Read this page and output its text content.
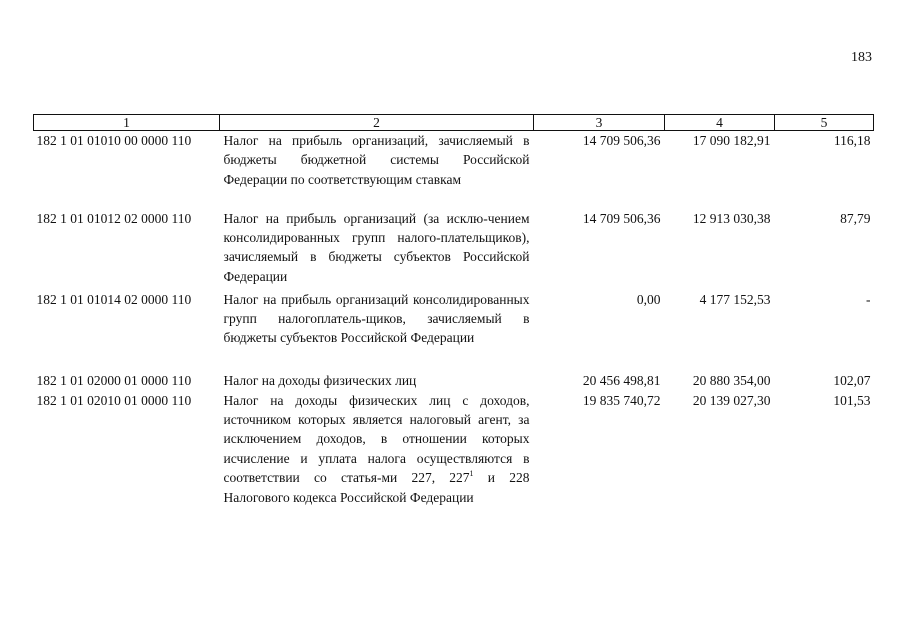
183
1	2	3	4	5
182 1 01 01010 00 0000 110	Налог на прибыль организаций, зачисляемый в бюджеты бюджетной системы Российской Федерации по соответствующим ставкам	14 709 506,36	17 090 182,91	116,18
182 1 01 01012 02 0000 110	Налог на прибыль организаций (за исклю-чением консолидированных групп налого-плательщиков), зачисляемый в бюджеты субъектов Российской Федерации	14 709 506,36	12 913 030,38	87,79
182 1 01 01014 02 0000 110	Налог на прибыль организаций консолидированных групп налогоплатель-щиков, зачисляемый в бюджеты субъектов Российской Федерации	0,00	4 177 152,53	-
182 1 01 02000 01 0000 110	Налог на доходы физических лиц	20 456 498,81	20 880 354,00	102,07
182 1 01 02010 01 0000 110	Налог на доходы физических лиц с доходов, источником которых является налоговый агент, за исключением доходов, в отношении которых исчисление и уплата налога осуществляются в соответствии со статья-ми 227, $227^1$ и 228 Налогового кодекса Российской Федерации	19 835 740,72	20 139 027,30	101,53
